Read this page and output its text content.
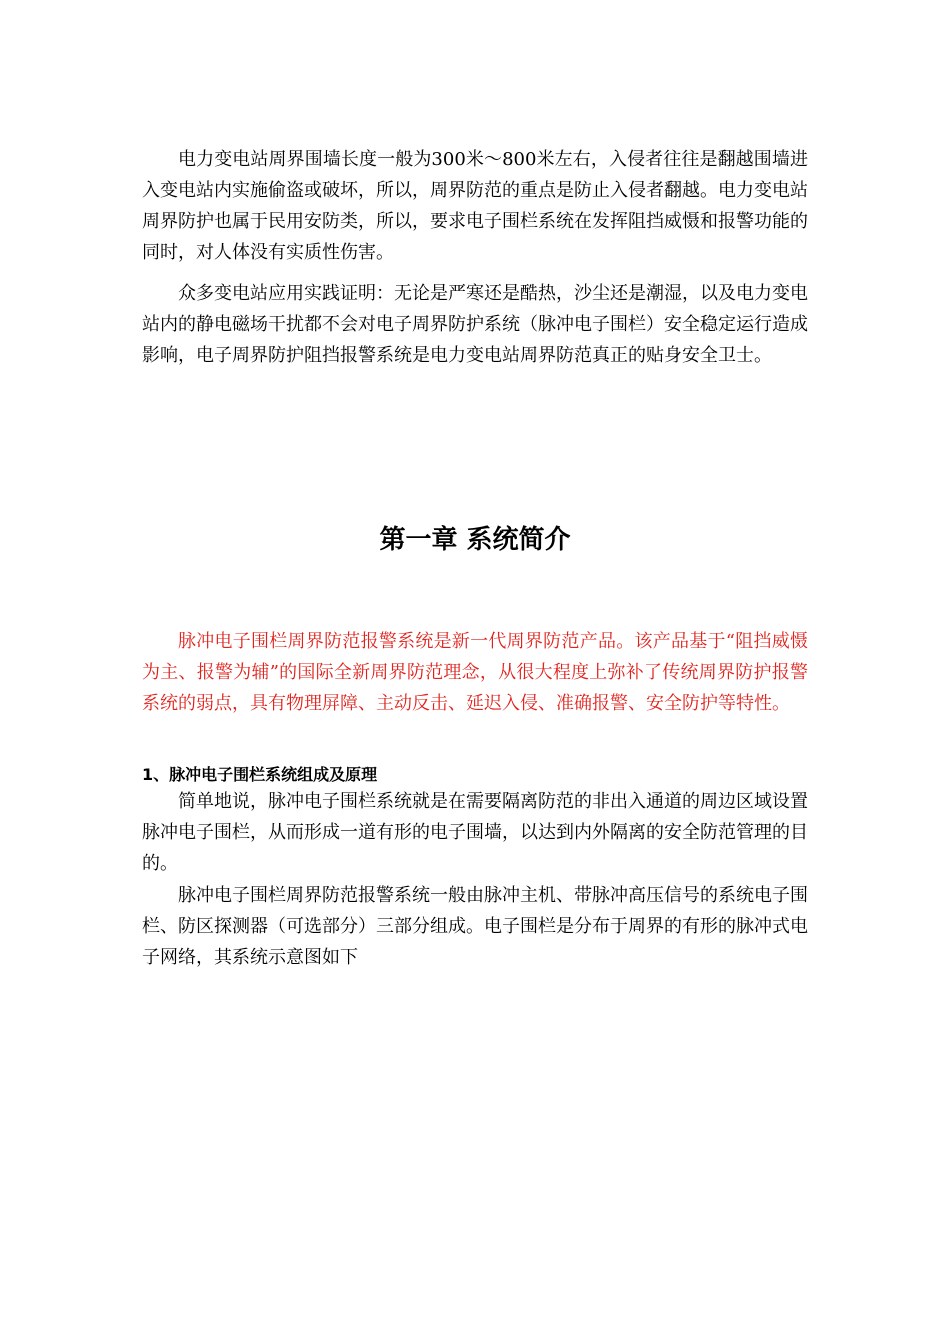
电力变电站周界围墙长度一般为300米～800米左右，入侵者往往是翻越围墙进入变电站内实施偷盗或破坏，所以，周界防范的重点是防止入侵者翻越。电力变电站周界防护也属于民用安防类，所以，要求电子围栏系统在发挥阻挡威慑和报警功能的同时，对人体没有实质性伤害。

众多变电站应用实践证明：无论是严寒还是酷热，沙尘还是潮湿，以及电力变电站内的静电磁场干扰都不会对电子周界防护系统（脉冲电子围栏）安全稳定运行造成影响，电子周界防护阻挡报警系统是电力变电站周界防范真正的贴身安全卫士。

第一章 系统简介

脉冲电子围栏周界防范报警系统是新一代周界防范产品。该产品基于“阻挡威慑为主、报警为辅”的国际全新周界防范理念，从很大程度上弥补了传统周界防护报警系统的弱点，具有物理屏障、主动反击、延迟入侵、准确报警、安全防护等特性。

1、脉冲电子围栏系统组成及原理

简单地说，脉冲电子围栏系统就是在需要隔离防范的非出入通道的周边区域设置脉冲电子围栏，从而形成一道有形的电子围墙，以达到内外隔离的安全防范管理的目的。

脉冲电子围栏周界防范报警系统一般由脉冲主机、带脉冲高压信号的系统电子围栏、防区探测器（可选部分）三部分组成。电子围栏是分布于周界的有形的脉冲式电子网络，其系统示意图如下
